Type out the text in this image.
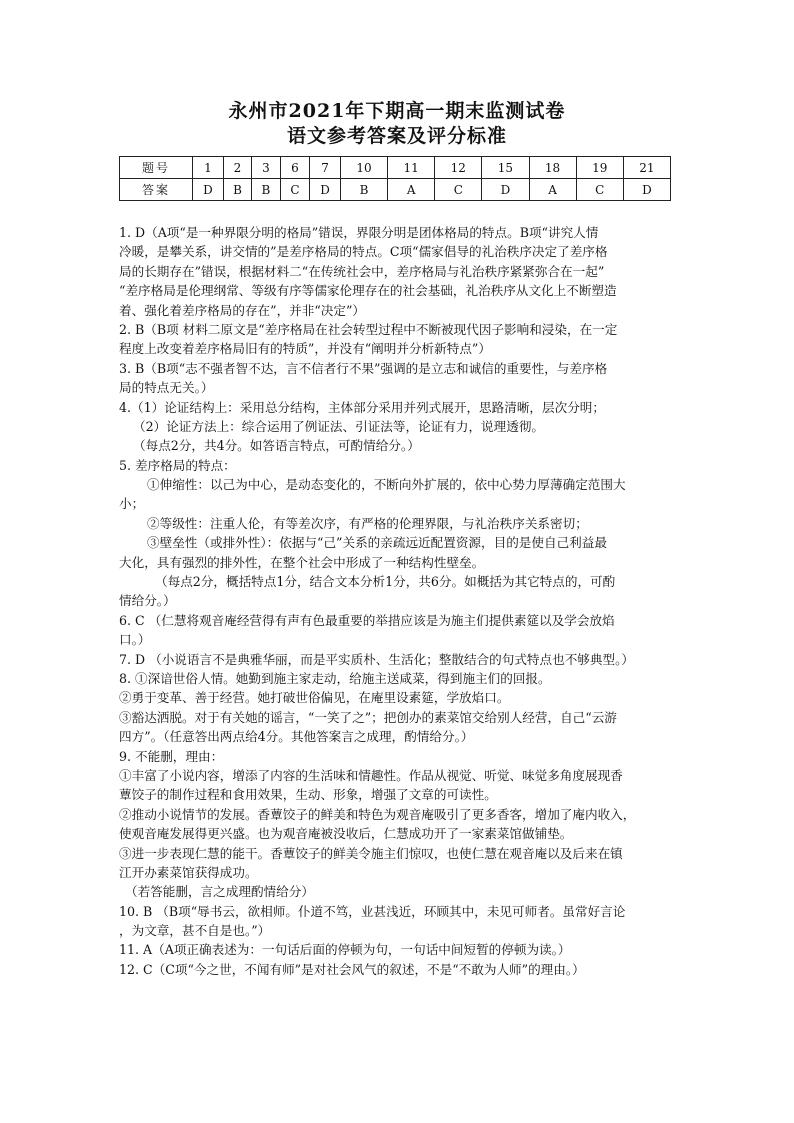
永州市2021年下期高一期末监测试卷
语文参考答案及评分标准
题号	1	2	3	6	7	10	11	12	15	18	19	21
答案	D	B	B	C	D	B	A	C	D	A	C	D
1. D（A项“是一种界限分明的格局”错误，界限分明是团体格局的特点。B项“讲究人情
冷暖，是攀关系，讲交情的”是差序格局的特点。C项“儒家倡导的礼治秩序决定了差序格
局的长期存在”错误，根据材料二“在传统社会中，差序格局与礼治秩序紧紧弥合在一起”
“差序格局是伦理纲常、等级有序等儒家伦理存在的社会基础，礼治秩序从文化上不断塑造
着、强化着差序格局的存在”，并非“决定”）
2. B（B项 材料二原文是“差序格局在社会转型过程中不断被现代因子影响和浸染，在一定
程度上改变着差序格局旧有的特质”，并没有“阐明并分析新特点”）
3. B（B项“志不强者智不达，言不信者行不果”强调的是立志和诚信的重要性，与差序格
局的特点无关。）
4.（1）论证结构上：采用总分结构，主体部分采用并列式展开，思路清晰，层次分明；
（2）论证方法上：综合运用了例证法、引证法等，论证有力，说理透彻。
（每点2分，共4分。如答语言特点，可酌情给分。）
5. 差序格局的特点：
①伸缩性：以己为中心，是动态变化的，不断向外扩展的，依中心势力厚薄确定范围大
小；
②等级性：注重人伦，有等差次序，有严格的伦理界限，与礼治秩序关系密切；
③壁垒性（或排外性）：依据与“己”关系的亲疏远近配置资源，目的是使自己利益最
大化，具有强烈的排外性，在整个社会中形成了一种结构性壁垒。
（每点2分，概括特点1分，结合文本分析1分，共6分。如概括为其它特点的，可酌
情给分。）
6. C （仁慧将观音庵经营得有声有色最重要的举措应该是为施主们提供素筵以及学会放焰
口。）
7. D （小说语言不是典雅华丽，而是平实质朴、生活化；整散结合的句式特点也不够典型。）
8. ①深谙世俗人情。她勤到施主家走动，给施主送咸菜，得到施主们的回报。
②勇于变革、善于经营。她打破世俗偏见，在庵里设素筵，学放焰口。
③豁达洒脱。对于有关她的谣言，“一笑了之”；把创办的素菜馆交给别人经营，自己“云游
四方”。（任意答出两点给4分。其他答案言之成理，酌情给分。）
9. 不能删，理由：
①丰富了小说内容，增添了内容的生活味和情趣性。作品从视觉、听觉、味觉多角度展现香
蕈饺子的制作过程和食用效果，生动、形象，增强了文章的可读性。
②推动小说情节的发展。香蕈饺子的鲜美和特色为观音庵吸引了更多香客，增加了庵内收入，
使观音庵发展得更兴盛。也为观音庵被没收后，仁慧成功开了一家素菜馆做铺垫。
③进一步表现仁慧的能干。香蕈饺子的鲜美令施主们惊叹，也使仁慧在观音庵以及后来在镇
江开办素菜馆获得成功。
（若答能删，言之成理酌情给分）
10. B （B项“辱书云，欲相师。仆道不笃，业甚浅近，环顾其中，未见可师者。虽常好言论
，为文章，甚不自是也。”）
11. A（A项正确表述为：一句话后面的停顿为句，一句话中间短暂的停顿为读。）
12. C（C项“今之世，不闻有师”是对社会风气的叙述，不是“不敢为人师”的理由。）
